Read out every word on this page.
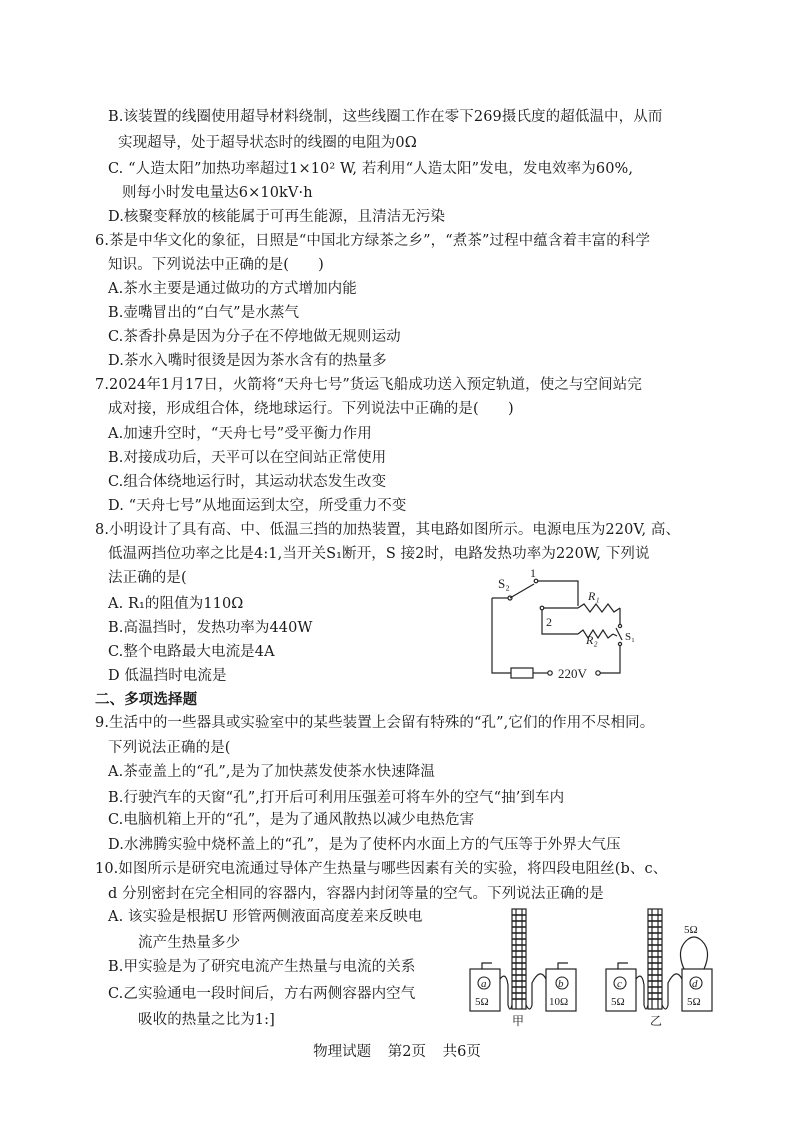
B.该装置的线圈使用超导材料绕制，这些线圈工作在零下269摄氏度的超低温中，从而
实现超导，处于超导状态时的线圈的电阻为0Ω
C. “人造太阳”加热功率超过1×10² W, 若利用“人造太阳”发电，发电效率为60%,
则每小时发电量达6×10kV·h
D.核聚变释放的核能属于可再生能源，且清洁无污染
6.茶是中华文化的象征，日照是“中国北方绿茶之乡”，“煮茶”过程中蕴含着丰富的科学
知识。下列说法中正确的是(　　)
A.茶水主要是通过做功的方式增加内能
B.壶嘴冒出的“白气”是水蒸气
C.茶香扑鼻是因为分子在不停地做无规则运动
D.茶水入嘴时很烫是因为茶水含有的热量多
7.2024年1月17日，火箭将“天舟七号”货运飞船成功送入预定轨道，使之与空间站完
成对接，形成组合体，绕地球运行。下列说法中正确的是(　　)
A.加速升空时，“天舟七号”受平衡力作用
B.对接成功后，天平可以在空间站正常使用
C.组合体绕地运行时，其运动状态发生改变
D. “天舟七号”从地面运到太空，所受重力不变
8.小明设计了具有高、中、低温三挡的加热装置，其电路如图所示。电源电压为220V, 高、
低温两挡位功率之比是4:1,当开关S₁断开，S 接2时，电路发热功率为220W, 下列说
法正确的是(
A. R₁的阻值为110Ω
B.高温挡时，发热功率为440W
C.整个电路最大电流是4A
D 低温挡时电流是
S₂
1
2
R₁
R₂ S₁
220V
二、多项选择题
9.生活中的一些器具或实验室中的某些装置上会留有特殊的“孔”,它们的作用不尽相同。
下列说法正确的是(
A.茶壶盖上的“孔”,是为了加快蒸发使茶水快速降温
B.行驶汽车的天窗“孔”,打开后可利用压强差可将车外的空气“抽’到车内
C.电脑机箱上开的“孔”，是为了通风散热以减少电热危害
D.水沸腾实验中烧杯盖上的“孔”，是为了使杯内水面上方的气压等于外界大气压
10.如图所示是研究电流通过导体产生热量与哪些因素有关的实验，将四段电阻丝(b、c、
d 分别密封在完全相同的容器内，容器内封闭等量的空气。下列说法正确的是
A. 该实验是根据U 形管两侧液面高度差来反映电
流产生热量多少
B.甲实验是为了研究电流产生热量与电流的关系
C.乙实验通电一段时间后，方右两侧容器内空气
吸收的热量之比为1:]
a	b	c	d
5Ω	10Ω	5Ω	5Ω
5Ω
甲	乙
物理试题 第2页 共6页
